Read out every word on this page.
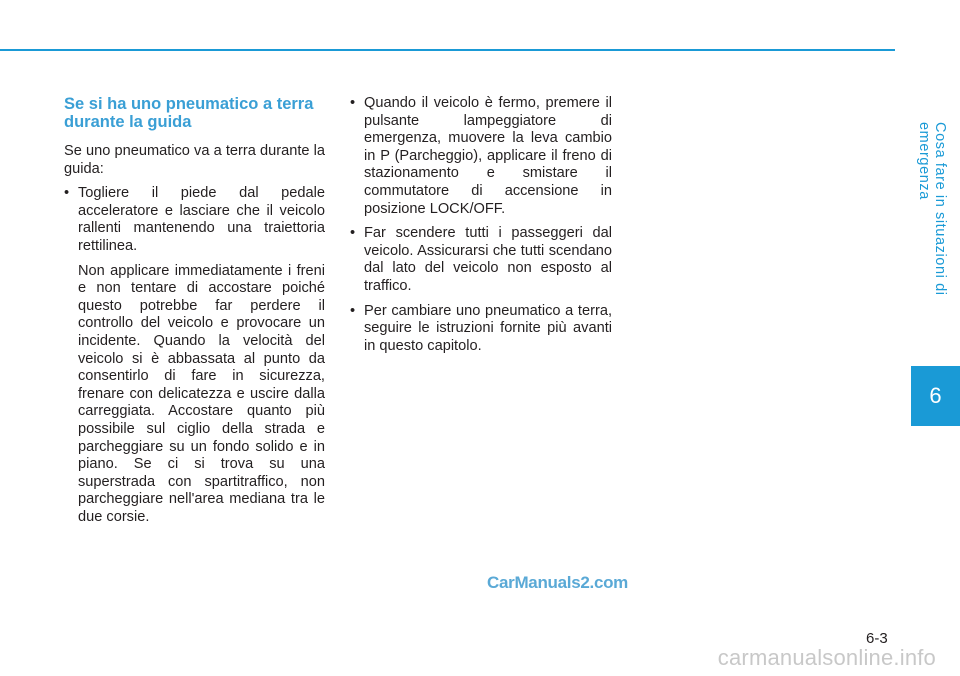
Se si ha uno pneumatico a terra durante la guida

Se uno pneumatico va a terra durante la guida:

• Togliere il piede dal pedale acceleratore e lasciare che il veicolo rallenti mantenendo una traiettoria rettilinea.
Non applicare immediatamente i freni e non tentare di accostare poiché questo potrebbe far perdere il controllo del veicolo e provocare un incidente. Quando la velocità del veicolo si è abbassata al punto da consentirlo di fare in sicurezza, frenare con delicatezza e uscire dalla carreggiata. Accostare quanto più possibile sul ciglio della strada e parcheggiare su un fondo solido e in piano. Se ci si trova su una superstrada con spartitraffico, non parcheggiare nell'area mediana tra le due corsie.
• Quando il veicolo è fermo, premere il pulsante lampeggiatore di emergenza, muovere la leva cambio in P (Parcheggio), applicare il freno di stazionamento e smistare il commutatore di accensione in posizione LOCK/OFF.
• Far scendere tutti i passeggeri dal veicolo. Assicurarsi che tutti scendano dal lato del veicolo non esposto al traffico.
• Per cambiare uno pneumatico a terra, seguire le istruzioni fornite più avanti in questo capitolo.
Cosa fare in situazioni di emergenza
6
CarManuals2.com
6-3
carmanualsonline.info
